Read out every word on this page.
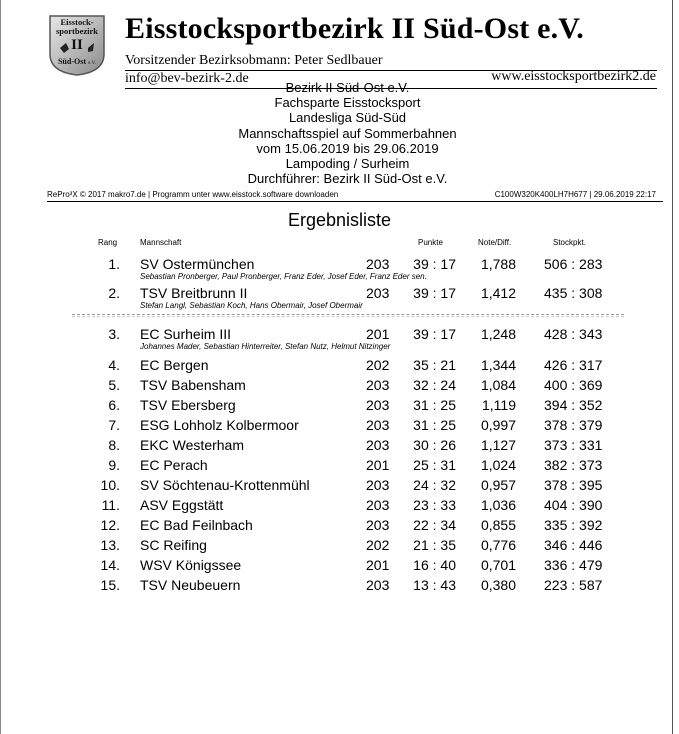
Eisstock-
sportbezirk
II
Süd-Ost e.V.
Eisstocksportbezirk II Süd-Ost e.V.
Vorsitzender Bezirksobmann: Peter Sedlbauer
info@bev-bezirk-2.de	www.eisstocksportbezirk2.de
Bezirk II Süd-Ost e.V.
Fachsparte Eisstocksport
Landesliga Süd-Süd
Mannschaftsspiel auf Sommerbahnen
vom 15.06.2019 bis 29.06.2019
Lampoding / Surheim
Durchführer: Bezirk II Süd-Ost e.V.
RePro³X © 2017 makro7.de | Programm unter www.eisstock.software downloaden	C100W320K400LH7H677 | 29.06.2019 22:17
Ergebnisliste
Rang	Mannschaft	Punkte	Note/Diff.	Stockpkt.
1. SV Ostermünchen	203	39 : 17 1,788 506 : 283
Sebastian Pronberger, Paul Pronberger, Franz Eder, Josef Eder, Franz Eder sen.
2. TSV Breitbrunn II	203	39 : 17 1,412 435 : 308
Stefan Langl, Sebastian Koch, Hans Obermair, Josef Obermair
3. EC Surheim III	201	39 : 17 1,248 428 : 343
Johannes Mader, Sebastian Hinterreiter, Stefan Nutz, Helmut Nitzinger
4. EC Bergen	202	35 : 21 1,344 426 : 317
5. TSV Babensham	203	32 : 24 1,084 400 : 369
6. TSV Ebersberg	203	31 : 25 1,119 394 : 352
7. ESG Lohholz Kolbermoor	203	31 : 25 0,997 378 : 379
8. EKC Westerham	203	30 : 26 1,127 373 : 331
9. EC Perach	201	25 : 31 1,024 382 : 373
10. SV Söchtenau-Krottenmühl	203	24 : 32 0,957 378 : 395
11. ASV Eggstätt	203	23 : 33 1,036 404 : 390
12. EC Bad Feilnbach	203	22 : 34 0,855 335 : 392
13. SC Reifing	202	21 : 35 0,776 346 : 446
14. WSV Königssee	201	16 : 40 0,701 336 : 479
15. TSV Neubeuern	203	13 : 43 0,380 223 : 587
